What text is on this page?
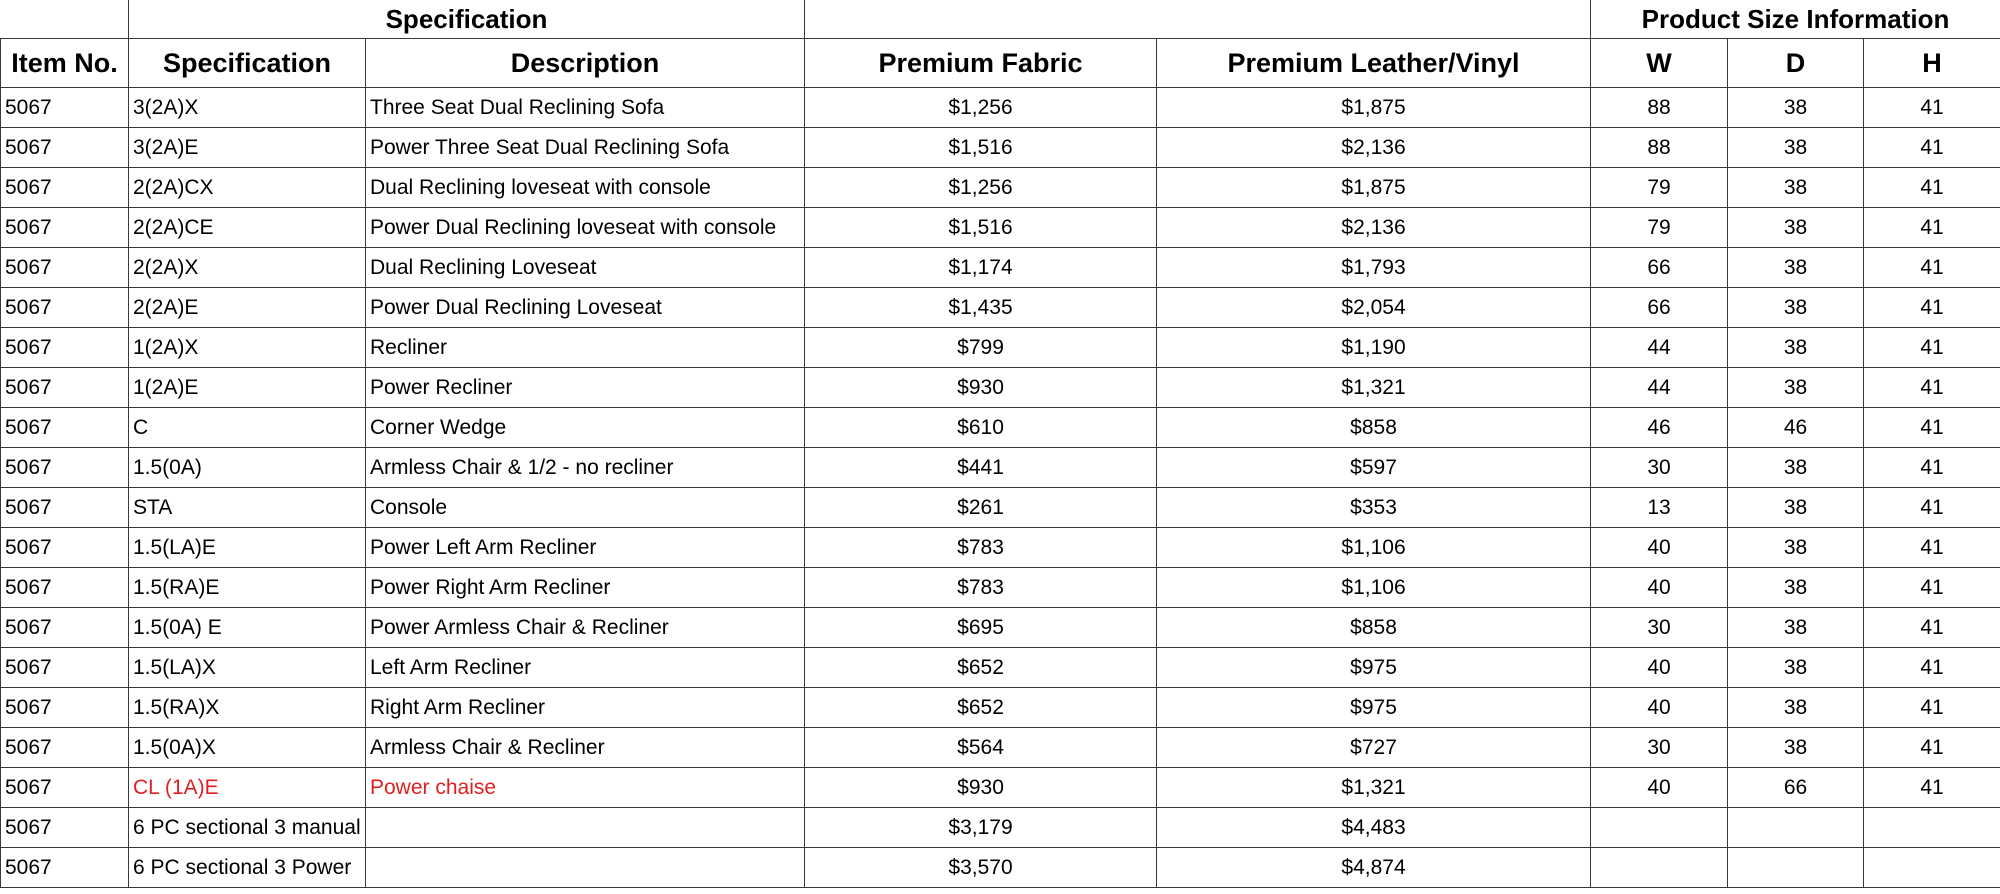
	Specification				Product Size Information		
Item No.	Specification	Description	Premium Fabric	Premium Leather/Vinyl	W	D	H
5067	3(2A)X	Three Seat Dual Reclining Sofa	$1,256	$1,875	88	38	41
5067	3(2A)E	Power Three Seat Dual Reclining Sofa	$1,516	$2,136	88	38	41
5067	2(2A)CX	Dual Reclining loveseat with console	$1,256	$1,875	79	38	41
5067	2(2A)CE	Power Dual Reclining loveseat with console	$1,516	$2,136	79	38	41
5067	2(2A)X	Dual Reclining Loveseat	$1,174	$1,793	66	38	41
5067	2(2A)E	Power Dual Reclining Loveseat	$1,435	$2,054	66	38	41
5067	1(2A)X	Recliner	$799	$1,190	44	38	41
5067	1(2A)E	Power Recliner	$930	$1,321	44	38	41
5067	C	Corner Wedge	$610	$858	46	46	41
5067	1.5(0A)	Armless Chair & 1/2 - no recliner	$441	$597	30	38	41
5067	STA	Console	$261	$353	13	38	41
5067	1.5(LA)E	Power Left Arm Recliner	$783	$1,106	40	38	41
5067	1.5(RA)E	Power Right Arm Recliner	$783	$1,106	40	38	41
5067	1.5(0A) E	Power Armless Chair & Recliner	$695	$858	30	38	41
5067	1.5(LA)X	Left Arm Recliner	$652	$975	40	38	41
5067	1.5(RA)X	Right Arm Recliner	$652	$975	40	38	41
5067	1.5(0A)X	Armless Chair & Recliner	$564	$727	30	38	41
5067	CL (1A)E	Power chaise	$930	$1,321	40	66	41
5067	6 PC sectional 3 manual		$3,179	$4,483			
5067	6 PC sectional 3 Power		$3,570	$4,874			
